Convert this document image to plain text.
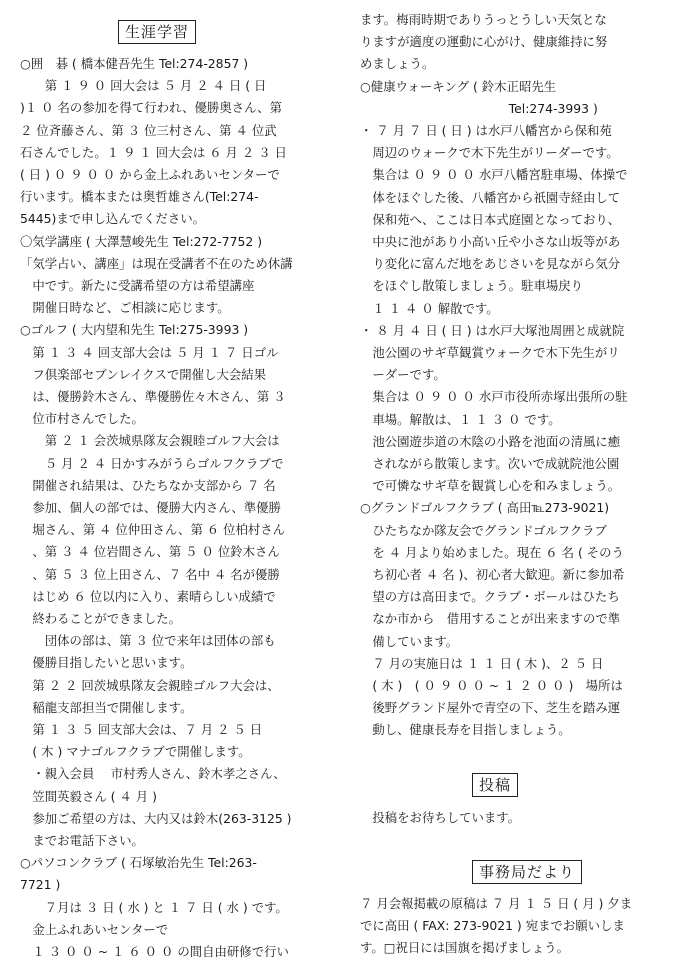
生涯学習
○囲　碁 ( 橋本健吾先生 Tel:274-2857 )
　　第 １ ９ ０ 回大会は ５ 月 ２ ４ 日 ( 日
)１ ０ 名の参加を得て行われ、優勝奥さん、第
２ 位斉藤さん、第 ３ 位三村さん、第 ４ 位武
石さんでした。１ ９ １ 回大会は ６ 月 ２ ３ 日
( 日 ) ０ ９ ０ ０ から金上ふれあいセンターで
行います。橋本または奥哲雄さん(Tel:274-
5445)まで申し込んでください。
〇気学講座 ( 大澤慧峻先生 Tel:272-7752 )
「気学占い、講座」は現在受講者不在のため休講
　中です。新たに受講希望の方は希望講座
　開催日時など、ご相談に応じます。
○ゴルフ ( 大内望和先生 Tel:275-3993 )
　第 １ ３ ４ 回支部大会は ５ 月 １ ７ 日ゴル
　フ倶楽部セブンレイクスで開催し大会結果
　は、優勝鈴木さん、準優勝佐々木さん、第 ３
　位市村さんでした。
　　第 ２ １ 会茨城県隊友会親睦ゴルフ大会は
　　５ 月 ２ ４ 日かすみがうらゴルフクラブで
　開催され結果は、ひたちなか支部から ７ 名
　参加、個人の部では、優勝大内さん、準優勝
　堀さん、第 ４ 位仲田さん、第 ６ 位柏村さん
　、第 ３ ４ 位岩間さん、第 ５ ０ 位鈴木さん
　、第 ５ ３ 位上田さん、７ 名中 ４ 名が優勝
　はじめ ６ 位以内に入り、素晴らしい成績で
　終わることができました。
　　団体の部は、第 ３ 位で来年は団体の部も
　優勝目指したいと思います。
　第 ２ ２ 回茨城県隊友会親睦ゴルフ大会は、
　稲龍支部担当で開催します。
　第 １ ３ ５ 回支部大会は、７ 月 ２ ５ 日
　( 木 ) マナゴルフクラブで開催します。
　・親入会員　 市村秀人さん、鈴木孝之さん、
　笠間英毅さん ( ４ 月 )
　参加ご希望の方は、大内又は鈴木(263-3125 )
　までお電話下さい。
○パソコンクラブ ( 石塚敏治先生 Tel:263-
7721 )
　　７月は ３ 日 ( 水 ) と １ ７ 日 ( 水 ) です。
　金上ふれあいセンターで
　１ ３ ０ ０ ~ １ ６ ０ ０ の間自由研修で行い
ます。梅雨時期でありうっとうしい天気とな
りますが適度の運動に心がけ、健康維持に努
めましょう。
○健康ウォーキング ( 鈴木正昭先生
　　　　　　　　　　　　Tel:274-3993 )
・ ７ 月 ７ 日 ( 日 ) は水戸八幡宮から保和苑
　周辺のウォークで木下先生がリーダーです。
　集合は ０ ９ ０ ０ 水戸八幡宮駐車場、体操で
　体をほぐした後、八幡宮から祇園寺経由して
　保和苑へ、ここは日本式庭園となっており、
　中央に池があり小高い丘や小さな山坂等があ
　り変化に富んだ地をあじさいを見ながら気分
　をほぐし散策しましょう。駐車場戻り
　１ １ ４ ０ 解散です。
・ ８ 月 ４ 日 ( 日 ) は水戸大塚池周囲と成就院
　池公園のサギ草観賞ウォークで木下先生がリ
　ーダーです。
　集合は ０ ９ ０ ０ 水戸市役所赤塚出張所の駐
　車場。解散は、１ １ ３ ０ です。
　池公園遊歩道の木陰の小路を池面の清風に癒
　されながら散策します。次いで成就院池公園
　で可憐なサギ草を観賞し心を和みましょう。
○グランドゴルフクラブ ( 高田℡273-9021)
　ひたちなか隊友会でグランドゴルフクラブ
　を ４ 月より始めました。現在 ６ 名 ( そのう
　ち初心者 ４ 名 )、初心者大歓迎。新に参加希
　望の方は高田まで。クラブ・ボールはひたち
　なか市から　借用することが出来ますので準
　備しています。
　７ 月の実施日は １ １ 日 ( 木 )、２ ５ 日
　( 木 )　( ０ ９ ０ ０ ~ １ ２ ０ ０ )　場所は
　後野グランド屋外で青空の下、芝生を踏み運
　動し、健康長寿を目指しましょう。
投稿
　投稿をお待ちしています。
事務局だより
７ 月会報掲載の原稿は ７ 月 １ ５ 日 ( 月 ) 夕ま
でに高田 ( FAX: 273-9021 ) 宛までお願いしま
す。□祝日には国旗を掲げましょう。
